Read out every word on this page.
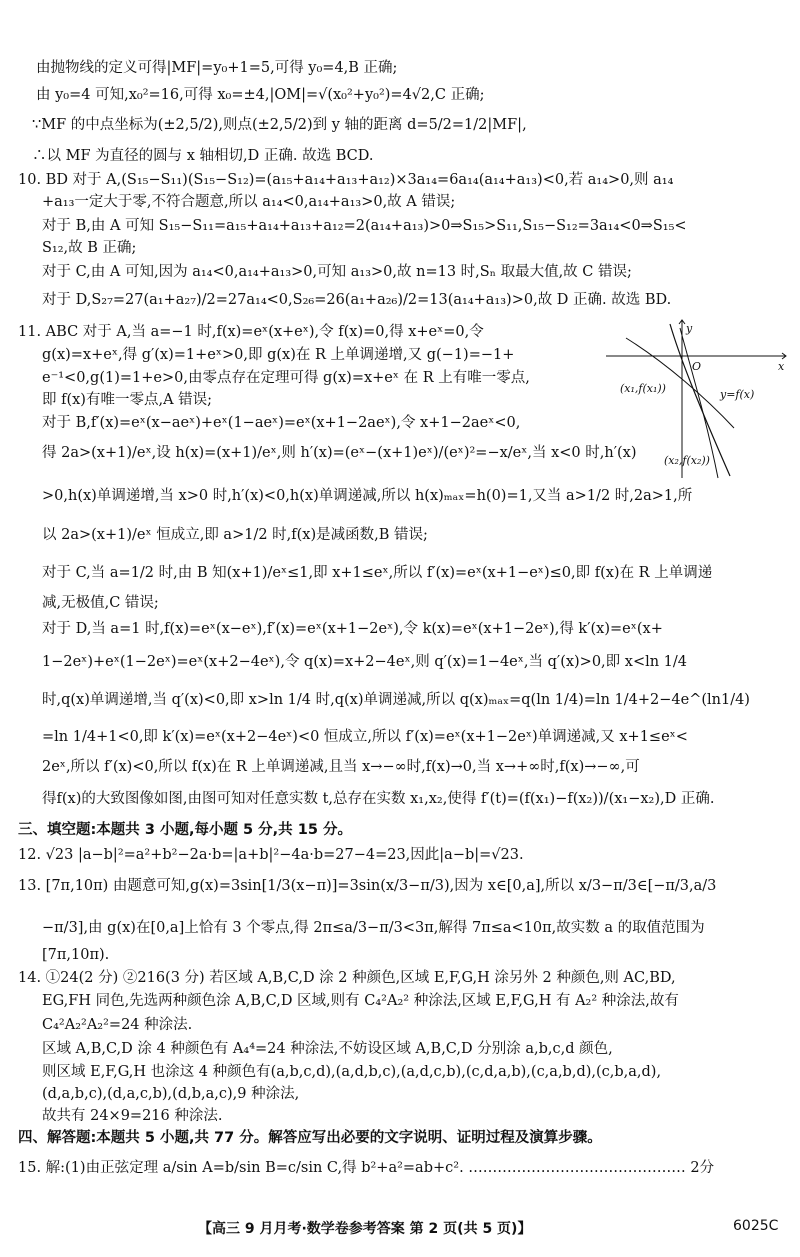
由抛物线的定义可得|MF|=y₀+1=5,可得 y₀=4,B 正确;
由 y₀=4 可知,x₀²=16,可得 x₀=±4,|OM|=√(x₀²+y₀²)=4√2,C 正确;
∵MF 的中点坐标为(±2,5/2),则点(±2,5/2)到 y 轴的距离 d=5/2=1/2|MF|,
∴以 MF 为直径的圆与 x 轴相切,D 正确. 故选 BCD.
10. BD 对于 A,(S₁₅−S₁₁)(S₁₅−S₁₂)=(a₁₅+a₁₄+a₁₃+a₁₂)×3a₁₄=6a₁₄(a₁₄+a₁₃)<0,若 a₁₄>0,则 a₁₄
+a₁₃一定大于零,不符合题意,所以 a₁₄<0,a₁₄+a₁₃>0,故 A 错误;
对于 B,由 A 可知 S₁₅−S₁₁=a₁₅+a₁₄+a₁₃+a₁₂=2(a₁₄+a₁₃)>0⇒S₁₅>S₁₁,S₁₅−S₁₂=3a₁₄<0⇒S₁₅<
S₁₂,故 B 正确;
对于 C,由 A 可知,因为 a₁₄<0,a₁₄+a₁₃>0,可知 a₁₃>0,故 n=13 时,Sₙ 取最大值,故 C 错误;
对于 D,S₂₇=27(a₁+a₂₇)/2=27a₁₄<0,S₂₆=26(a₁+a₂₆)/2=13(a₁₄+a₁₃)>0,故 D 正确. 故选 BD.
11. ABC 对于 A,当 a=−1 时,f(x)=eˣ(x+eˣ),令 f(x)=0,得 x+eˣ=0,令
g(x)=x+eˣ,得 g′(x)=1+eˣ>0,即 g(x)在 R 上单调递增,又 g(−1)=−1+
e⁻¹<0,g(1)=1+e>0,由零点存在定理可得 g(x)=x+eˣ 在 R 上有唯一零点,
即 f(x)有唯一零点,A 错误;
对于 B,f′(x)=eˣ(x−aeˣ)+eˣ(1−aeˣ)=eˣ(x+1−2aeˣ),令 x+1−2aeˣ<0,
得 2a>(x+1)/eˣ,设 h(x)=(x+1)/eˣ,则 h′(x)=(eˣ−(x+1)eˣ)/(eˣ)²=−x/eˣ,当 x<0 时,h′(x)
>0,h(x)单调递增,当 x>0 时,h′(x)<0,h(x)单调递减,所以 h(x)ₘₐₓ=h(0)=1,又当 a>1/2 时,2a>1,所
以 2a>(x+1)/eˣ 恒成立,即 a>1/2 时,f(x)是减函数,B 错误;
对于 C,当 a=1/2 时,由 B 知(x+1)/eˣ≤1,即 x+1≤eˣ,所以 f′(x)=eˣ(x+1−eˣ)≤0,即 f(x)在 R 上单调递
减,无极值,C 错误;
对于 D,当 a=1 时,f(x)=eˣ(x−eˣ),f′(x)=eˣ(x+1−2eˣ),令 k(x)=eˣ(x+1−2eˣ),得 k′(x)=eˣ(x+
1−2eˣ)+eˣ(1−2eˣ)=eˣ(x+2−4eˣ),令 q(x)=x+2−4eˣ,则 q′(x)=1−4eˣ,当 q′(x)>0,即 x<ln 1/4
时,q(x)单调递增,当 q′(x)<0,即 x>ln 1/4 时,q(x)单调递减,所以 q(x)ₘₐₓ=q(ln 1/4)=ln 1/4+2−4e^(ln1/4)
=ln 1/4+1<0,即 k′(x)=eˣ(x+2−4eˣ)<0 恒成立,所以 f′(x)=eˣ(x+1−2eˣ)单调递减,又 x+1≤eˣ<
2eˣ,所以 f′(x)<0,所以 f(x)在 R 上单调递减,且当 x→−∞时,f(x)→0,当 x→+∞时,f(x)→−∞,可
得f(x)的大致图像如图,由图可知对任意实数 t,总存在实数 x₁,x₂,使得 f′(t)=(f(x₁)−f(x₂))/(x₁−x₂),D 正确.
三、填空题:本题共 3 小题,每小题 5 分,共 15 分。
12. √23 |a−b|²=a²+b²−2a·b=|a+b|²−4a·b=27−4=23,因此|a−b|=√23.
13. [7π,10π) 由题意可知,g(x)=3sin[1/3(x−π)]=3sin(x/3−π/3),因为 x∈[0,a],所以 x/3−π/3∈[−π/3,a/3
−π/3],由 g(x)在[0,a]上恰有 3 个零点,得 2π≤a/3−π/3<3π,解得 7π≤a<10π,故实数 a 的取值范围为
[7π,10π).
14. ①24(2 分) ②216(3 分) 若区域 A,B,C,D 涂 2 种颜色,区域 E,F,G,H 涂另外 2 种颜色,则 AC,BD,
EG,FH 同色,先选两种颜色涂 A,B,C,D 区域,则有 C₄²A₂² 种涂法,区域 E,F,G,H 有 A₂² 种涂法,故有
C₄²A₂²A₂²=24 种涂法.
区域 A,B,C,D 涂 4 种颜色有 A₄⁴=24 种涂法,不妨设区域 A,B,C,D 分别涂 a,b,c,d 颜色,
则区域 E,F,G,H 也涂这 4 种颜色有(a,b,c,d),(a,d,b,c),(a,d,c,b),(c,d,a,b),(c,a,b,d),(c,b,a,d),
(d,a,b,c),(d,a,c,b),(d,b,a,c),9 种涂法,
故共有 24×9=216 种涂法.
四、解答题:本题共 5 小题,共 77 分。解答应写出必要的文字说明、证明过程及演算步骤。
15. 解:(1)由正弦定理 a/sin A=b/sin B=c/sin C,得 b²+a²=ab+c². ……………………………………… 2分
y
x
O
(x₁,f(x₁))	y=f(x)
(x₂,f(x₂))
【高三 9 月月考·数学卷参考答案 第 2 页(共 5 页)】	6025C
